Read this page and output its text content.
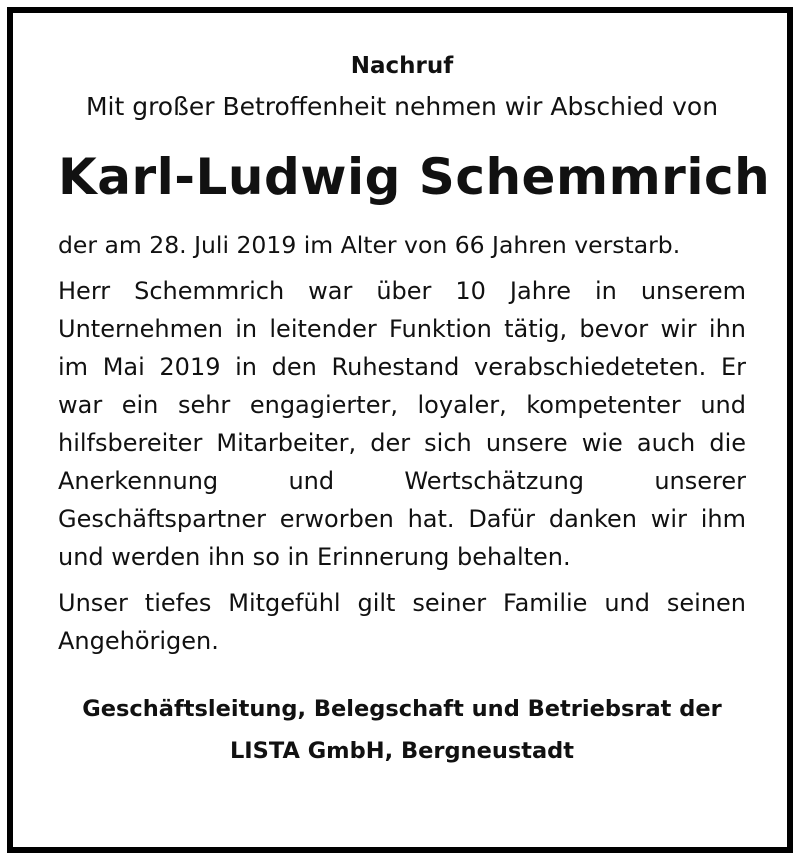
Nachruf

Mit großer Betroffenheit nehmen wir Abschied von

Karl-Ludwig Schemmrich

der am 28. Juli 2019 im Alter von 66 Jahren verstarb.

Herr Schemmrich war über 10 Jahre in unserem Unternehmen in leitender Funktion tätig, bevor wir ihn im Mai 2019 in den Ruhestand verabschiedeteten. Er war ein sehr engagierter, loyaler, kompetenter und hilfsbereiter Mitarbeiter, der sich unsere wie auch die Anerkennung und Wertschätzung unserer Geschäftspartner erworben hat. Dafür danken wir ihm und werden ihn so in Erinnerung behalten.

Unser tiefes Mitgefühl gilt seiner Familie und seinen Angehörigen.

Geschäftsleitung, Belegschaft und Betriebsrat der
LISTA GmbH, Bergneustadt
